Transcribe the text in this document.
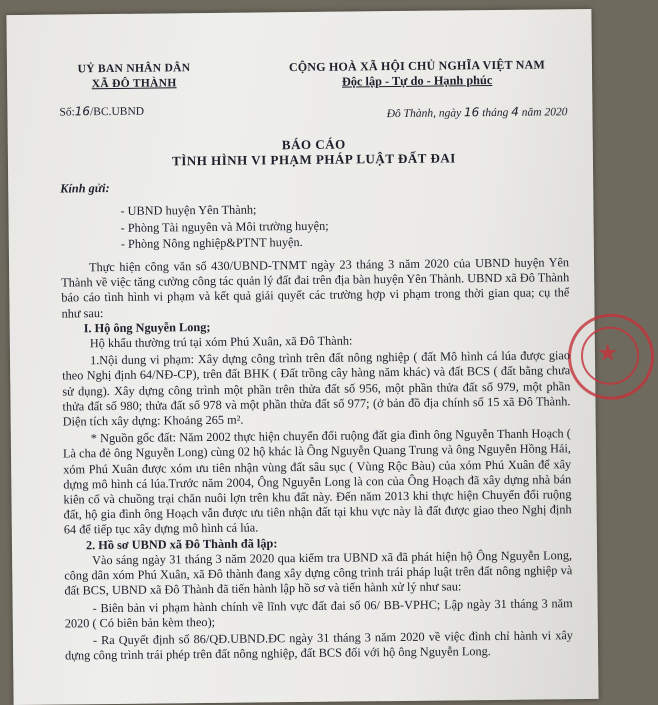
★
UỶ BAN NHÂN DÂN
XÃ ĐÔ THÀNH
CỘNG HOÀ XÃ HỘI CHỦ NGHĨA VIỆT NAM
Độc lập - Tự do - Hạnh phúc
Số:16/BC.UBND	Đô Thành, ngày 16 tháng 4 năm 2020
BÁO CÁO
TÌNH HÌNH VI PHẠM PHÁP LUẬT ĐẤT ĐAI
Kính gửi:
- UBND huyện Yên Thành;
- Phòng Tài nguyên và Môi trường huyện;
- Phòng Nông nghiệp&PTNT huyện.

Thực hiện công văn số 430/UBND-TNMT ngày 23 tháng 3 năm 2020 của UBND huyện Yên Thành về việc tăng cường công tác quản lý đất đai trên địa bàn huyện Yên Thành. UBND xã Đô Thành báo cáo tình hình vi phạm và kết quả giải quyết các trường hợp vi phạm trong thời gian qua; cụ thể như sau:

I. Hộ ông Nguyễn Long;

Hộ khẩu thường trú tại xóm Phú Xuân, xã Đô Thành:

1.Nội dung vi phạm: Xây dựng công trình trên đất nông nghiệp ( đất Mô hình cá lúa được giao theo Nghị định 64/NĐ-CP), trên đất BHK ( Đất trồng cây hàng năm khác) và đất BCS ( đất bằng chưa sử dụng). Xây dựng công trình một phần trên thửa đất số 956, một phần thửa đất số 979, một phần thửa đất số 980; thửa đất số 978 và một phần thửa đất số 977; (ở bản đồ địa chính số 15 xã Đô Thành. Diện tích xây dựng: Khoảng 265 m².

* Nguồn gốc đất: Năm 2002 thực hiện chuyển đổi ruộng đất gia đình ông Nguyễn Thanh Hoạch ( Là cha đẻ ông Nguyễn Long) cùng 02 hộ khác là Ông Nguyễn Quang Trung và ông Nguyễn Hồng Hải, xóm Phú Xuân được xóm ưu tiên nhận vùng đất sâu sục ( Vùng Rộc Bàu) của xóm Phú Xuân để xây dựng mô hình cá lúa.Trước năm 2004, Ông Nguyễn Long là con của Ông Hoạch đã xây dựng nhà bán kiên cố và chuồng trại chăn nuôi lợn trên khu đất này. Đến năm 2013 khi thực hiện Chuyển đổi ruộng đất, hộ gia đình ông Hoạch vẫn được ưu tiên nhận đất tại khu vực này là đất được giao theo Nghị định 64 để tiếp tục xây dựng mô hình cá lúa.

2. Hồ sơ UBND xã Đô Thành đã lập:

Vào sáng ngày 31 tháng 3 năm 2020 qua kiểm tra UBND xã đã phát hiện hộ Ông Nguyễn Long, công dân xóm Phú Xuân, xã Đô thành đang xây dựng công trình trái pháp luật trên đất nông nghiệp và đất BCS, UBND xã Đô Thành đã tiến hành lập hồ sơ và tiến hành xử lý như sau:

- Biên bản vi phạm hành chính về lĩnh vực đất đai số 06/ BB-VPHC; Lập ngày 31 tháng 3 năm 2020 ( Có biên bản kèm theo);

- Ra Quyết định số 86/QĐ.UBND.ĐC ngày 31 tháng 3 năm 2020 về việc đình chỉ hành vi xây dựng công trình trái phép trên đất nông nghiệp, đất BCS đối với hộ ông Nguyễn Long.
